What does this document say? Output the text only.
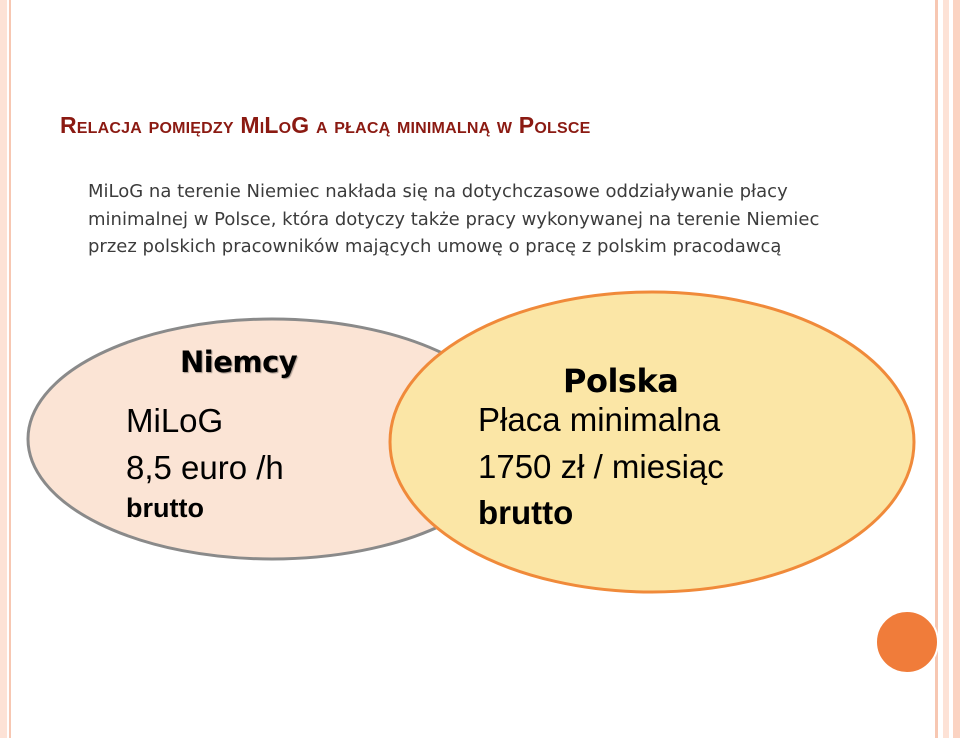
Relacja pomiędzy MiLoG a płacą minimalną w Polsce
MiLoG na terenie Niemiec nakłada się na dotychczasowe oddziaływanie płacy minimalnej w Polsce, która dotyczy także pracy wykonywanej na terenie Niemiec przez polskich pracowników mających umowę o pracę z polskim pracodawcą
Niemcy
MiLoG
8,5 euro /h
brutto
Polska
Płaca minimalna
1750 zł / miesiąc
brutto
